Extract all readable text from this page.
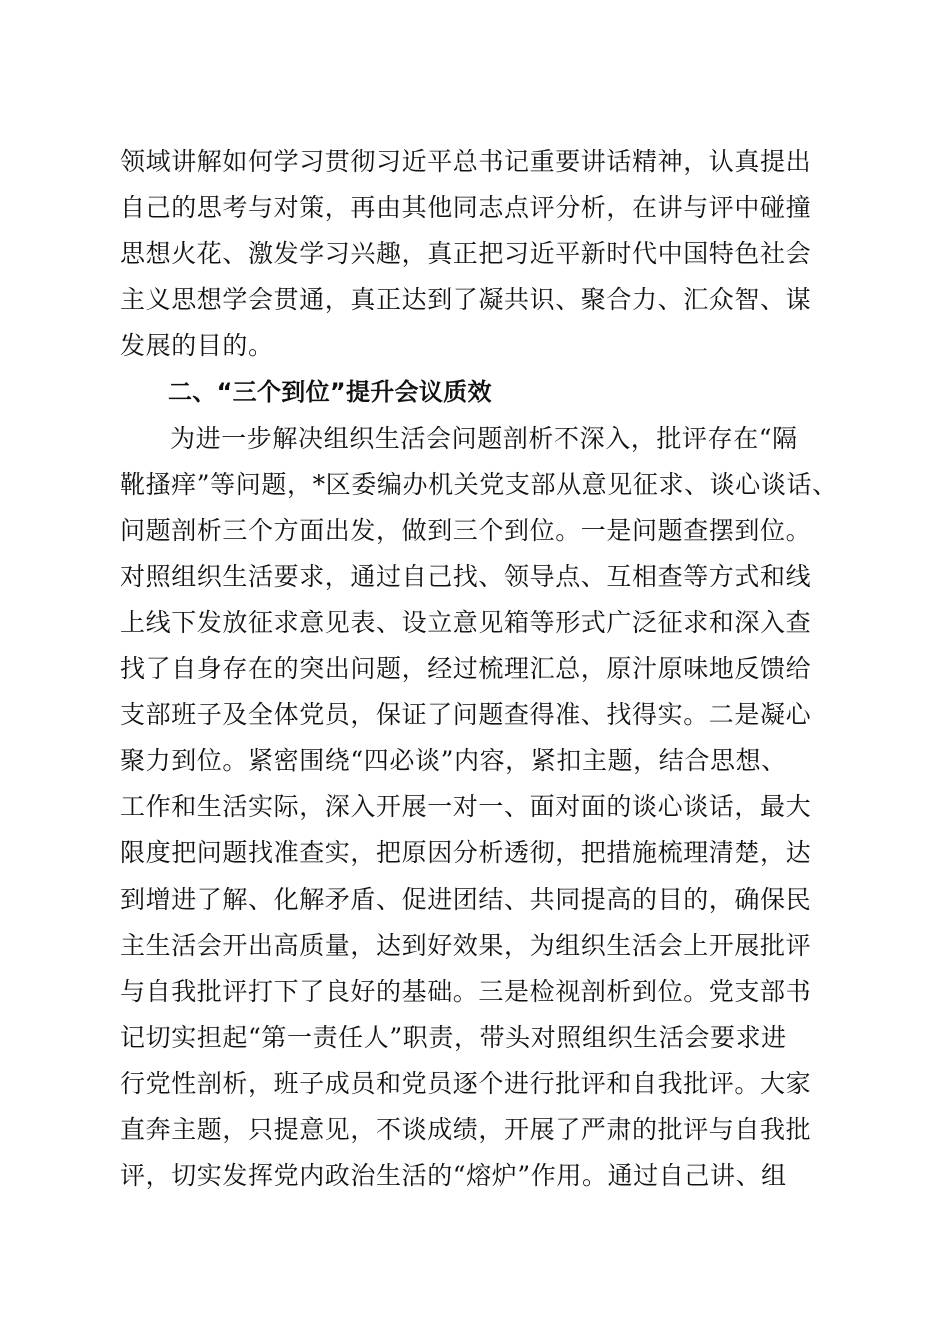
领域讲解如何学习贯彻习近平总书记重要讲话精神，认真提出
自己的思考与对策，再由其他同志点评分析，在讲与评中碰撞
思想火花、激发学习兴趣，真正把习近平新时代中国特色社会
主义思想学会贯通，真正达到了凝共识、聚合力、汇众智、谋
发展的目的。
二、“三个到位”提升会议质效
为进一步解决组织生活会问题剖析不深入，批评存在“隔
靴搔痒”等问题，*区委编办机关党支部从意见征求、谈心谈话、
问题剖析三个方面出发，做到三个到位。一是问题查摆到位。
对照组织生活要求，通过自己找、领导点、互相查等方式和线
上线下发放征求意见表、设立意见箱等形式广泛征求和深入查
找了自身存在的突出问题，经过梳理汇总，原汁原味地反馈给
支部班子及全体党员，保证了问题查得准、找得实。二是凝心
聚力到位。紧密围绕“四必谈”内容，紧扣主题，结合思想、
工作和生活实际，深入开展一对一、面对面的谈心谈话，最大
限度把问题找准查实，把原因分析透彻，把措施梳理清楚，达
到增进了解、化解矛盾、促进团结、共同提高的目的，确保民
主生活会开出高质量，达到好效果，为组织生活会上开展批评
与自我批评打下了良好的基础。三是检视剖析到位。党支部书
记切实担起“第一责任人”职责，带头对照组织生活会要求进
行党性剖析，班子成员和党员逐个进行批评和自我批评。大家
直奔主题，只提意见，不谈成绩，开展了严肃的批评与自我批
评，切实发挥党内政治生活的“熔炉”作用。通过自己讲、组
